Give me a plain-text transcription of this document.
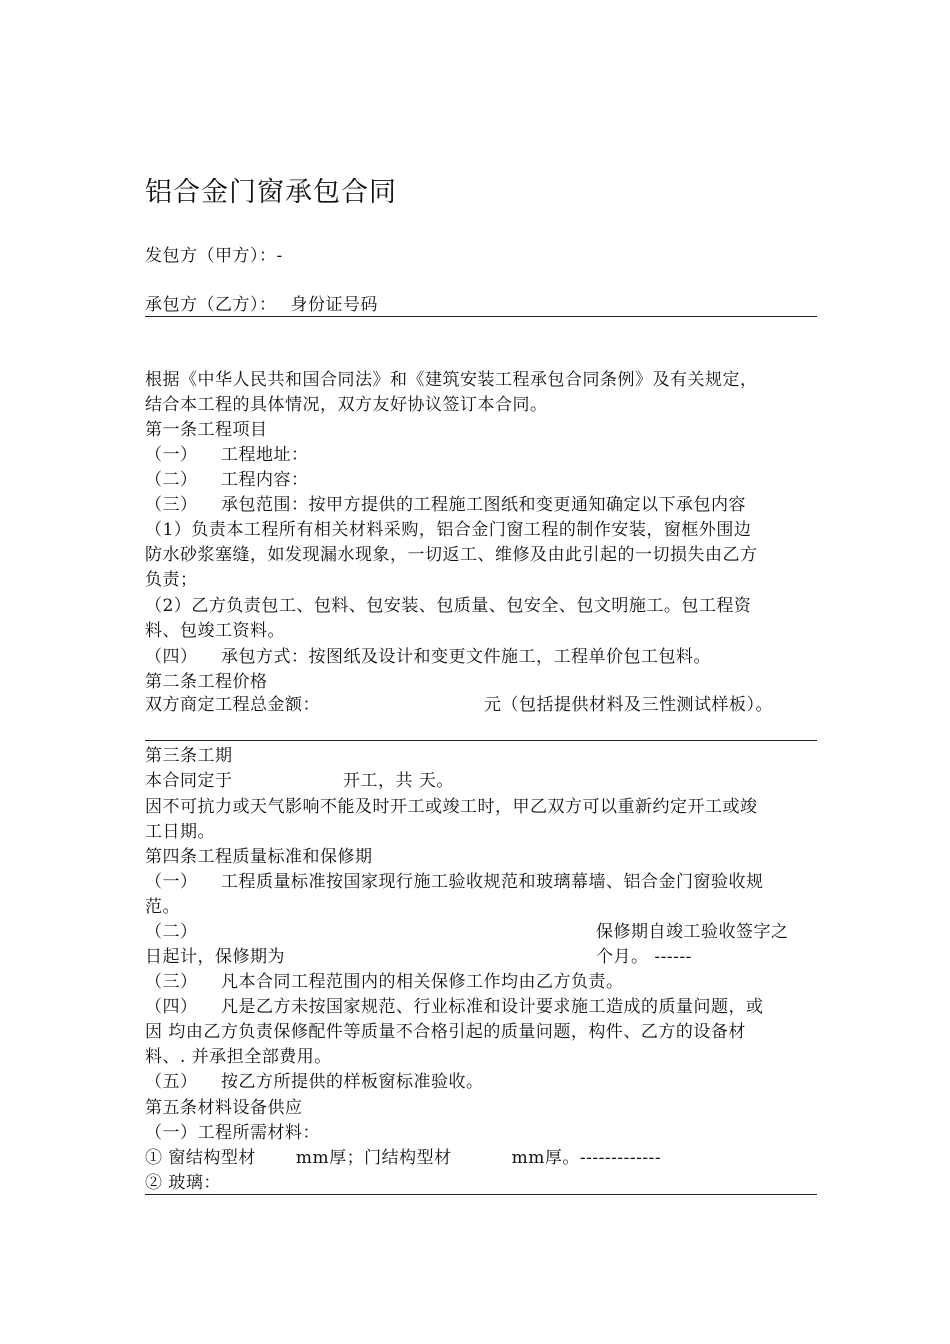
铝合金门窗承包合同
发包方（甲方）：-
承包方（乙方）： 身份证号码
根据《中华人民共和国合同法》和《建筑安装工程承包合同条例》及有关规定，
结合本工程的具体情况，双方友好协议签订本合同。
第一条工程项目
（一） 工程地址：
（二） 工程内容：
（三） 承包范围：按甲方提供的工程施工图纸和变更通知确定以下承包内容
（1）负责本工程所有相关材料采购，铝合金门窗工程的制作安装，窗框外围边
防水砂浆塞缝，如发现漏水现象，一切返工、维修及由此引起的一切损失由乙方
负责；
（2）乙方负责包工、包料、包安装、包质量、包安全、包文明施工。包工程资
料、包竣工资料。
（四） 承包方式：按图纸及设计和变更文件施工，工程单价包工包料。
第二条工程价格
双方商定工程总金额：	元（包括提供材料及三性测试样板）。
第三条工期
本合同定于	开工，共 天。
因不可抗力或天气影响不能及时开工或竣工时，甲乙双方可以重新约定开工或竣
工日期。
第四条工程质量标准和保修期
（一） 工程质量标准按国家现行施工验收规范和玻璃幕墙、铝合金门窗验收规
范。
（二）	保修期自竣工验收签字之
日起计，保修期为	个月。 ------
（三） 凡本合同工程范围内的相关保修工作均由乙方负责。
（四） 凡是乙方未按国家规范、行业标准和设计要求施工造成的质量问题，或
因 均由乙方负责保修配件等质量不合格引起的质量问题，构件、乙方的设备材
料、. 并承担全部费用。
（五） 按乙方所提供的样板窗标准验收。
第五条材料设备供应
（一）工程所需材料：
① 窗结构型材 mm厚；门结构型材	mm厚。-------------
② 玻璃：
